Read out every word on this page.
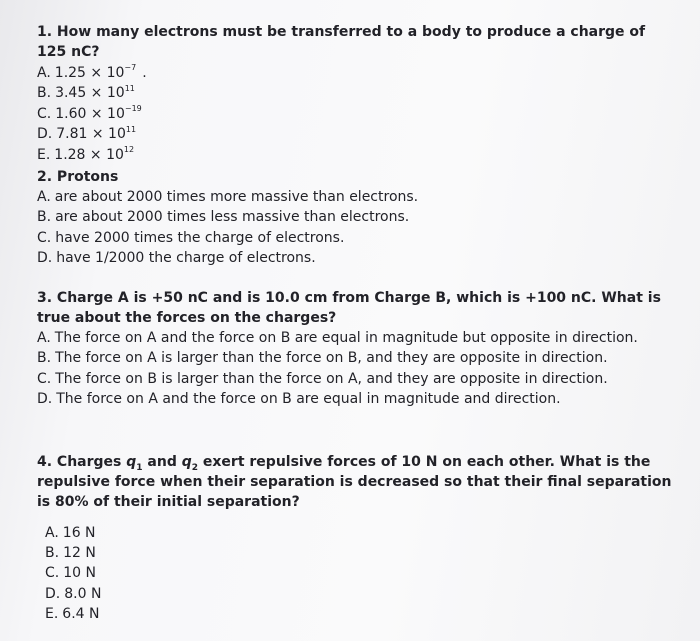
1. How many electrons must be transferred to a body to produce a charge of 125 nC?

A. $1.25 \times 10^{-7}$ .

B. $3.45 \times 10^{11}$

C. $1.60 \times 10^{-19}$

D. $7.81 \times 10^{11}$

E. $1.28 \times 10^{12}$

2. Protons

A. are about 2000 times more massive than electrons.

B. are about 2000 times less massive than electrons.

C. have 2000 times the charge of electrons.

D. have 1/2000 the charge of electrons.

3. Charge A is +50 nC and is 10.0 cm from Charge B, which is +100 nC. What is true about the forces on the charges?

A. The force on A and the force on B are equal in magnitude but opposite in direction.

B. The force on A is larger than the force on B, and they are opposite in direction.

C. The force on B is larger than the force on A, and they are opposite in direction.

D. The force on A and the force on B are equal in magnitude and direction.

4. Charges $q_1$ and $q_2$ exert repulsive forces of 10 N on each other. What is the repulsive force when their separation is decreased so that their final separation is 80% of their initial separation?

A. 16 N

B. 12 N

C. 10 N

D. 8.0 N

E. 6.4 N
